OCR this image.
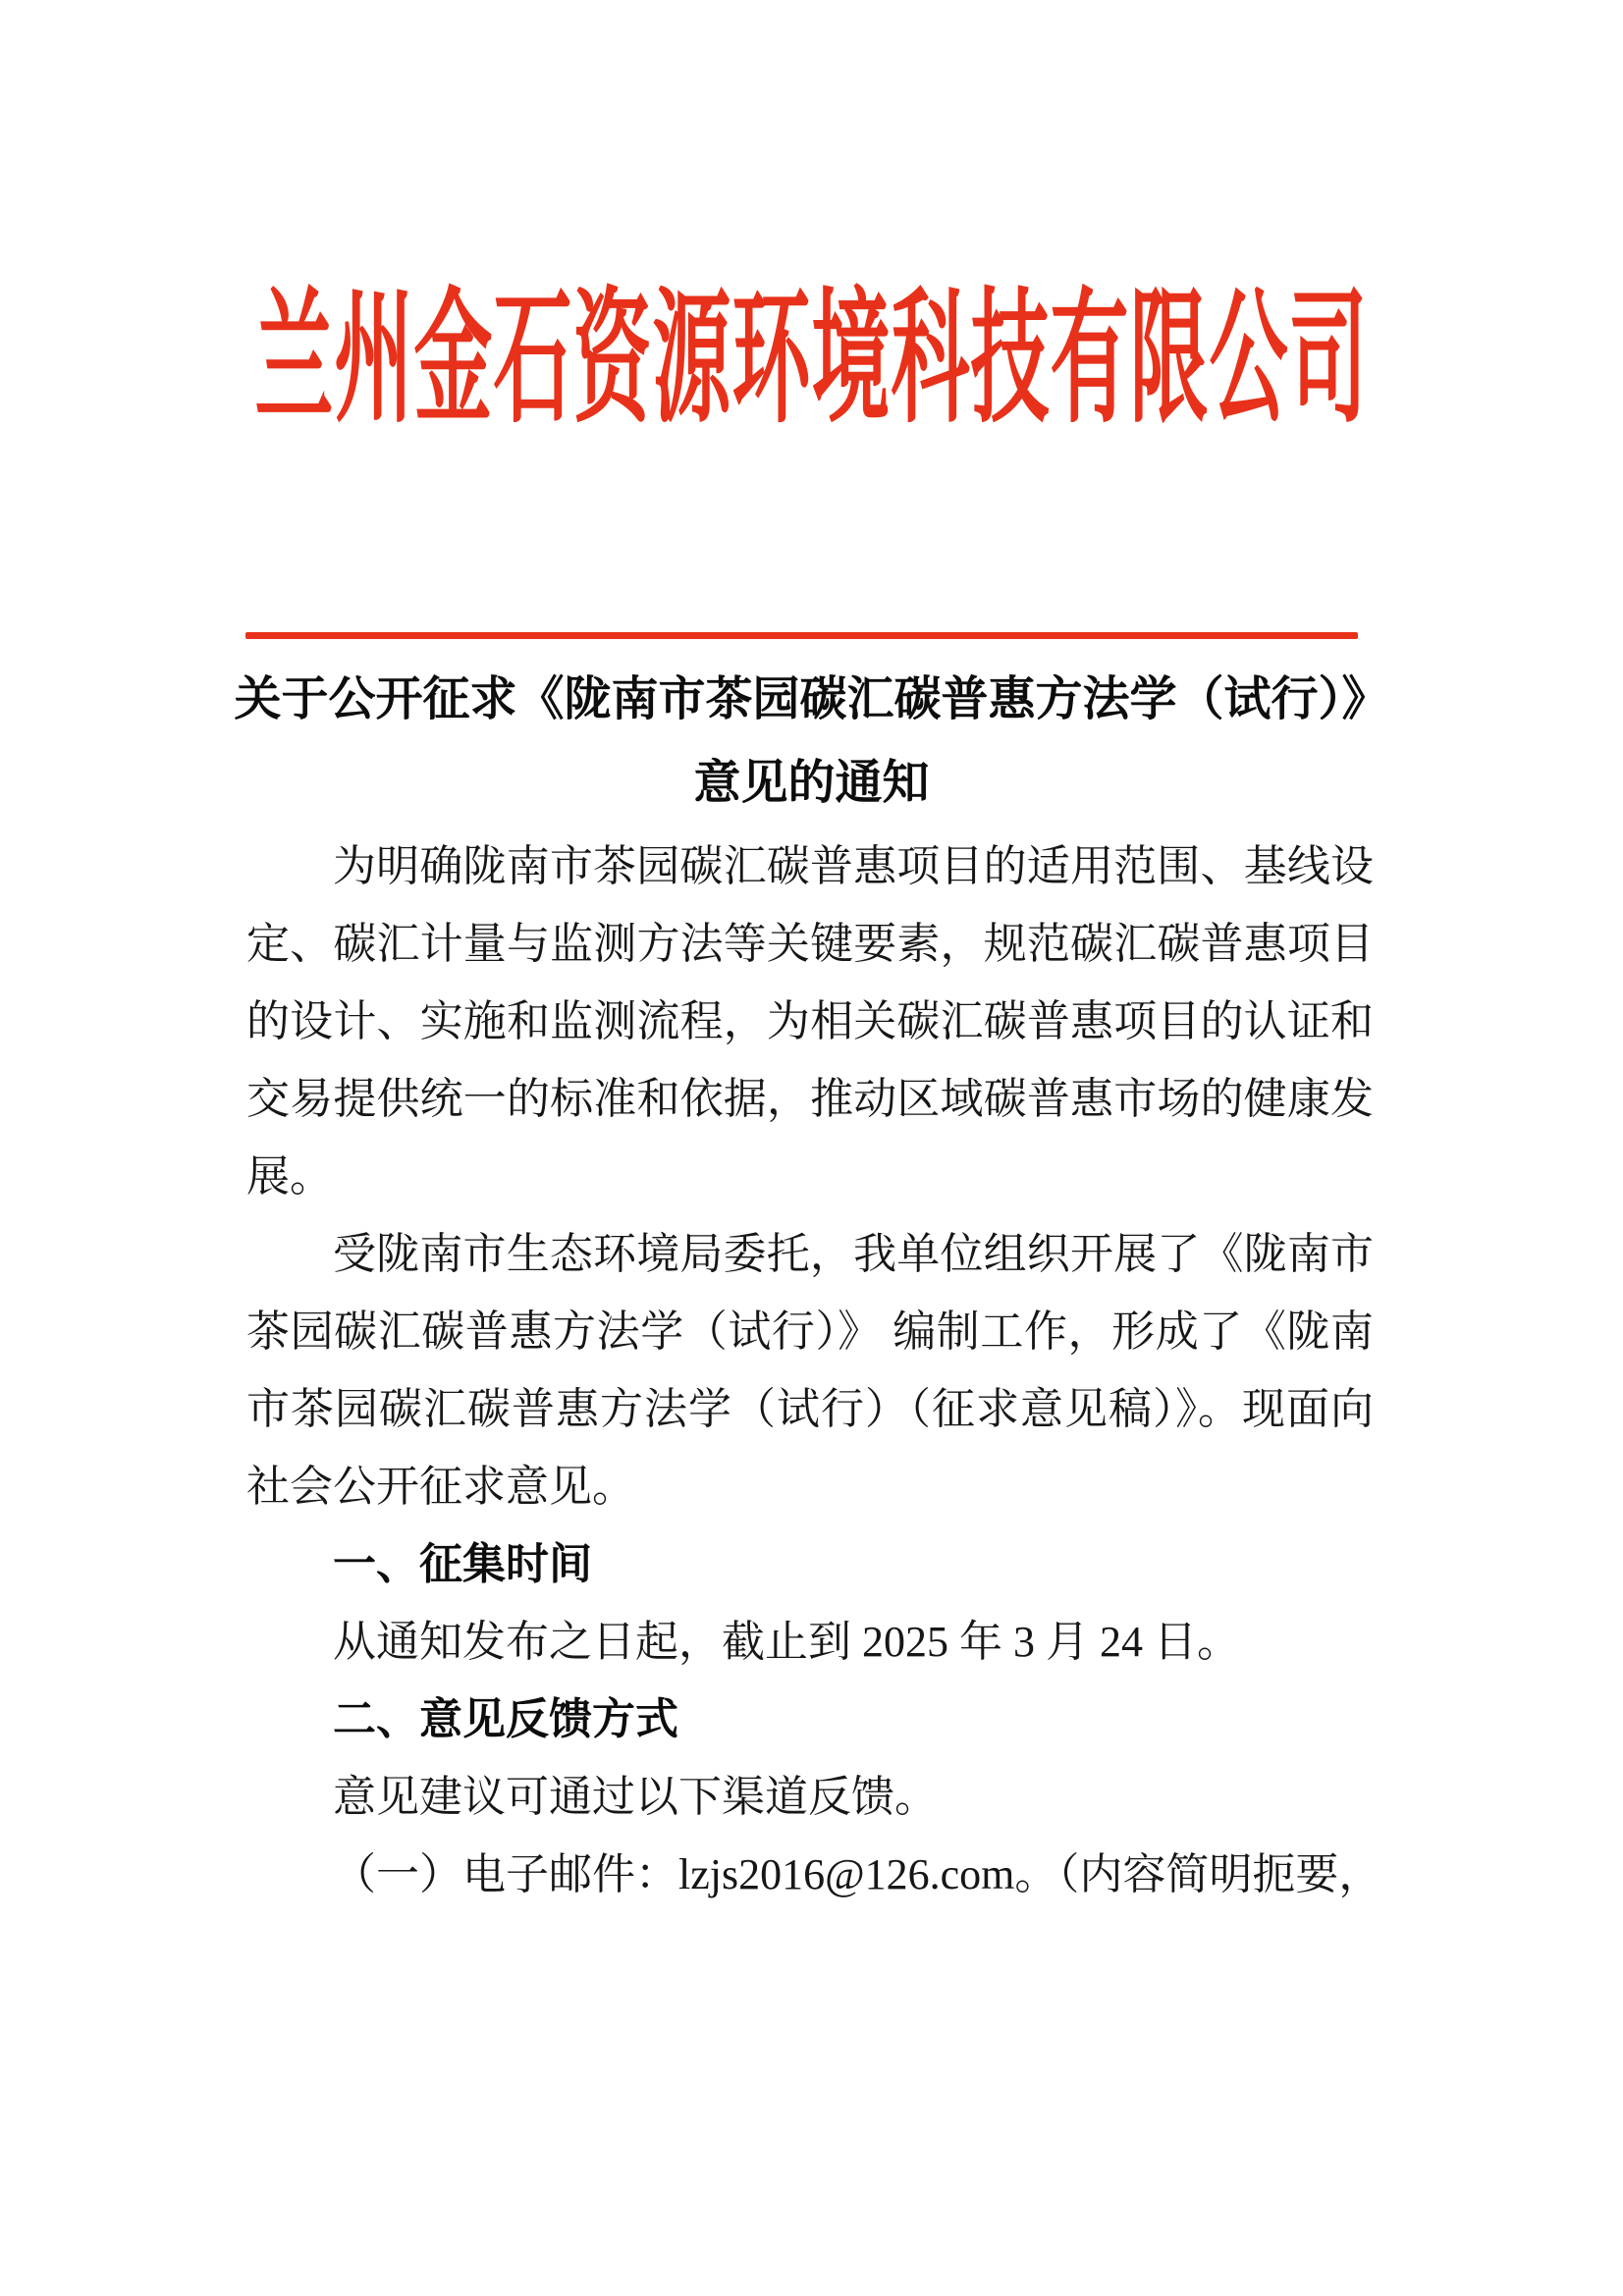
兰州金石资源环境科技有限公司
关于公开征求《陇南市茶园碳汇碳普惠方法学（试行）》
意见的通知

为明确陇南市茶园碳汇碳普惠项目的适用范围、基线设定、碳汇计量与监测方法等关键要素，规范碳汇碳普惠项目的设计、实施和监测流程，为相关碳汇碳普惠项目的认证和交易提供统一的标准和依据，推动区域碳普惠市场的健康发展。

受陇南市生态环境局委托，我单位组织开展了《陇南市茶园碳汇碳普惠方法学（试行）》 编制工作，形成了《陇南市茶园碳汇碳普惠方法学（试行）（征求意见稿）》。现面向社会公开征求意见。

一、征集时间

从通知发布之日起，截止到 2025 年 3 月 24 日。

二、意见反馈方式

意见建议可通过以下渠道反馈。

（一）电子邮件：lzjs2016@126.com。（内容简明扼要，
